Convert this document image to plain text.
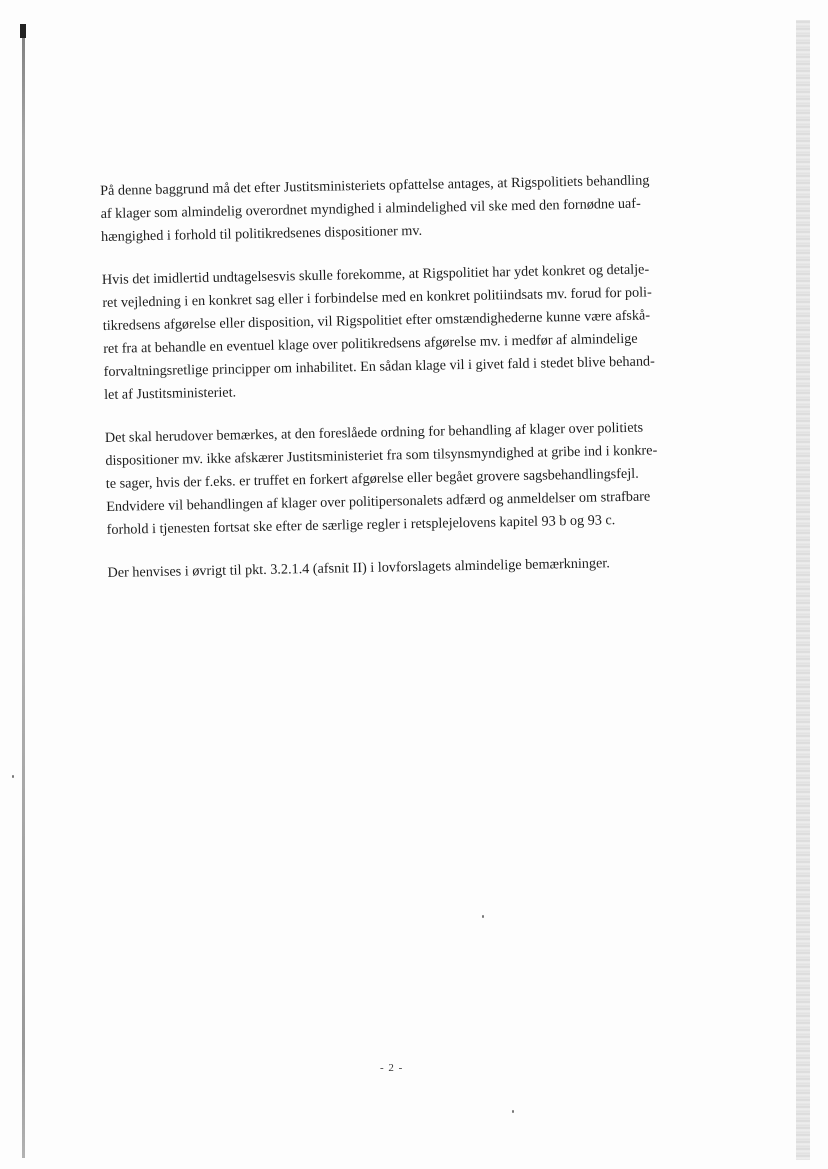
På denne baggrund må det efter Justitsministeriets opfattelse antages, at Rigspolitiets behandling
af klager som almindelig overordnet myndighed i almindelighed vil ske med den fornødne uaf-
hængighed i forhold til politikredsenes dispositioner mv.

Hvis det imidlertid undtagelsesvis skulle forekomme, at Rigspolitiet har ydet konkret og detalje-
ret vejledning i en konkret sag eller i forbindelse med en konkret politiindsats mv. forud for poli-
tikredsens afgørelse eller disposition, vil Rigspolitiet efter omstændighederne kunne være afskå-
ret fra at behandle en eventuel klage over politikredsens afgørelse mv. i medfør af almindelige
forvaltningsretlige principper om inhabilitet. En sådan klage vil i givet fald i stedet blive behand-
let af Justitsministeriet.

Det skal herudover bemærkes, at den foreslåede ordning for behandling af klager over politiets
dispositioner mv. ikke afskærer Justitsministeriet fra som tilsynsmyndighed at gribe ind i konkre-
te sager, hvis der f.eks. er truffet en forkert afgørelse eller begået grovere sagsbehandlingsfejl.
Endvidere vil behandlingen af klager over politipersonalets adfærd og anmeldelser om strafbare
forhold i tjenesten fortsat ske efter de særlige regler i retsplejelovens kapitel 93 b og 93 c.

Der henvises i øvrigt til pkt. 3.2.1.4 (afsnit II) i lovforslagets almindelige bemærkninger.

- 2 -
